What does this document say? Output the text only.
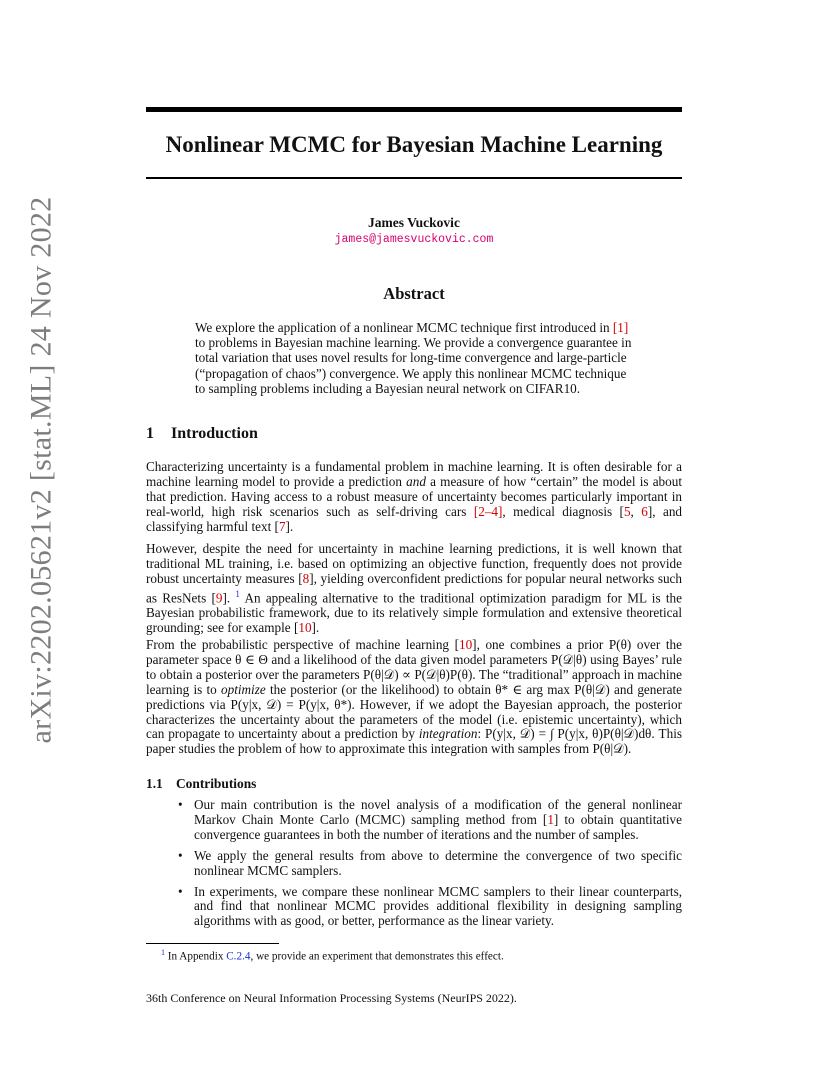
arXiv:2202.05621v2 [stat.ML] 24 Nov 2022
Nonlinear MCMC for Bayesian Machine Learning
James Vuckovic
james@jamesvuckovic.com
Abstract
We explore the application of a nonlinear MCMC technique first introduced in [1] to problems in Bayesian machine learning. We provide a convergence guarantee in total variation that uses novel results for long-time convergence and large-particle (“propagation of chaos”) convergence. We apply this nonlinear MCMC technique to sampling problems including a Bayesian neural network on CIFAR10.
1 Introduction
Characterizing uncertainty is a fundamental problem in machine learning. It is often desirable for a machine learning model to provide a prediction and a measure of how “certain” the model is about that prediction. Having access to a robust measure of uncertainty becomes particularly important in real-world, high risk scenarios such as self-driving cars [2–4], medical diagnosis [5, 6], and classifying harmful text [7].
However, despite the need for uncertainty in machine learning predictions, it is well known that traditional ML training, i.e. based on optimizing an objective function, frequently does not provide robust uncertainty measures [8], yielding overconfident predictions for popular neural networks such as ResNets [9]. $^1$ An appealing alternative to the traditional optimization paradigm for ML is the Bayesian probabilistic framework, due to its relatively simple formulation and extensive theoretical grounding; see for example [10].
From the probabilistic perspective of machine learning [10], one combines a prior P(θ) over the parameter space θ ∈ Θ and a likelihood of the data given model parameters P(𝒟|θ) using Bayes’ rule to obtain a posterior over the parameters P(θ|𝒟) ∝ P(𝒟|θ)P(θ). The “traditional” approach in machine learning is to optimize the posterior (or the likelihood) to obtain θ* ∈ arg max P(θ|𝒟) and generate predictions via P(y|x, 𝒟) = P(y|x, θ*). However, if we adopt the Bayesian approach, the posterior characterizes the uncertainty about the parameters of the model (i.e. epistemic uncertainty), which can propagate to uncertainty about a prediction by integration: P(y|x, 𝒟) = ∫ P(y|x, θ)P(θ|𝒟)dθ. This paper studies the problem of how to approximate this integration with samples from P(θ|𝒟).
1.1 Contributions
• Our main contribution is the novel analysis of a modification of the general nonlinear Markov Chain Monte Carlo (MCMC) sampling method from [1] to obtain quantitative convergence guarantees in both the number of iterations and the number of samples.
• We apply the general results from above to determine the convergence of two specific nonlinear MCMC samplers.
• In experiments, we compare these nonlinear MCMC samplers to their linear counterparts, and find that nonlinear MCMC provides additional flexibility in designing sampling algorithms with as good, or better, performance as the linear variety.
$^1$ In Appendix C.2.4, we provide an experiment that demonstrates this effect.
36th Conference on Neural Information Processing Systems (NeurIPS 2022).
